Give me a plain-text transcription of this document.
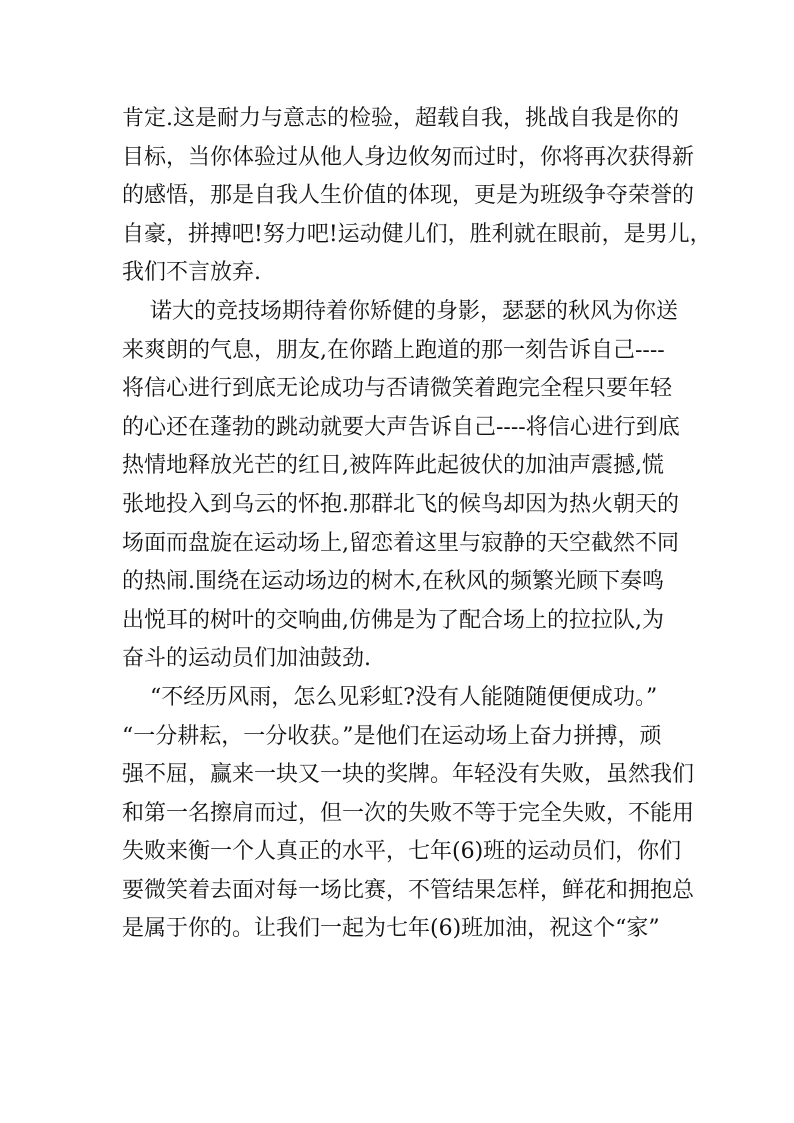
肯定.这是耐力与意志的检验，超载自我，挑战自我是你的
目标，当你体验过从他人身边攸匆而过时，你将再次获得新
的感悟，那是自我人生价值的体现，更是为班级争夺荣誉的
自豪，拼搏吧!努力吧!运动健儿们，胜利就在眼前，是男儿，
我们不言放弃.
诺大的竞技场期待着你矫健的身影，瑟瑟的秋风为你送
来爽朗的气息，朋友,在你踏上跑道的那一刻告诉自己----
将信心进行到底无论成功与否请微笑着跑完全程只要年轻
的心还在蓬勃的跳动就要大声告诉自己----将信心进行到底
热情地释放光芒的红日,被阵阵此起彼伏的加油声震撼,慌
张地投入到乌云的怀抱.那群北飞的候鸟却因为热火朝天的
场面而盘旋在运动场上,留恋着这里与寂静的天空截然不同
的热闹.围绕在运动场边的树木,在秋风的频繁光顾下奏鸣
出悦耳的树叶的交响曲,仿佛是为了配合场上的拉拉队,为
奋斗的运动员们加油鼓劲.
“不经历风雨，怎么见彩虹?没有人能随随便便成功。”
“一分耕耘，一分收获。”是他们在运动场上奋力拼搏，顽
强不屈，赢来一块又一块的奖牌。年轻没有失败，虽然我们
和第一名擦肩而过，但一次的失败不等于完全失败，不能用
失败来衡一个人真正的水平，七年(6)班的运动员们，你们
要微笑着去面对每一场比赛，不管结果怎样，鲜花和拥抱总
是属于你的。让我们一起为七年(6)班加油，祝这个“家”
